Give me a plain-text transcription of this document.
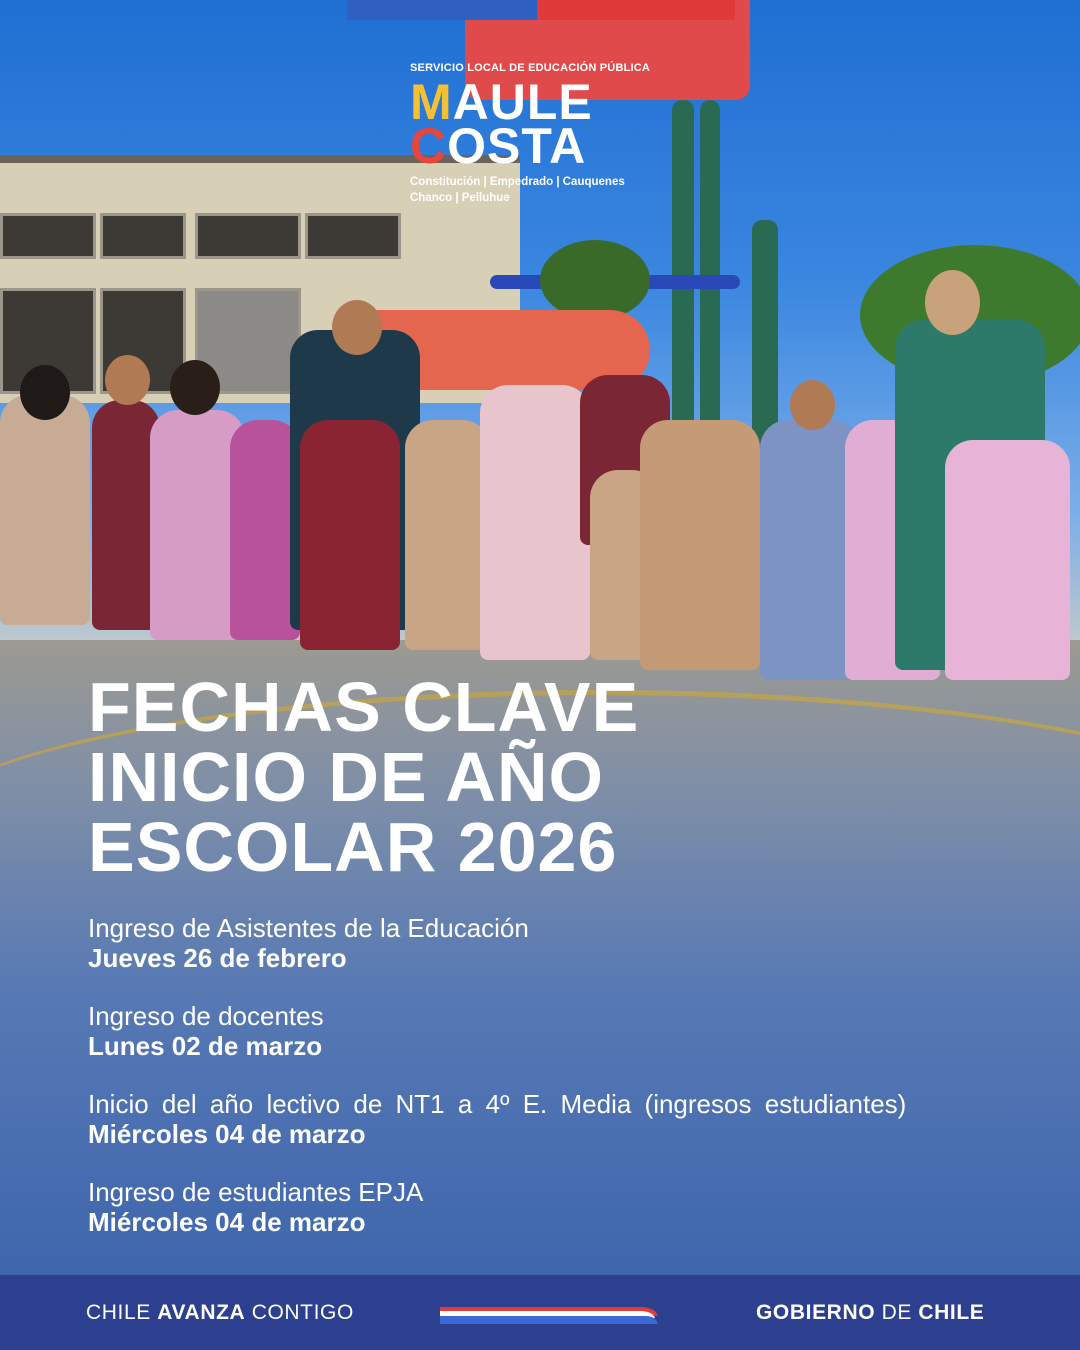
SERVICIO LOCAL DE EDUCACIÓN PÚBLICA
MAULE
COSTA
Constitución | Empedrado | Cauquenes
Chanco | Pelluhue
FECHAS CLAVE
INICIO DE AÑO
ESCOLAR 2026
Ingreso de Asistentes de la Educación
Jueves 26 de febrero
Ingreso de docentes
Lunes 02 de marzo
Inicio del año lectivo de NT1 a 4º E. Media (ingresos estudiantes)
Miércoles 04 de marzo
Ingreso de estudiantes EPJA
Miércoles 04 de marzo
CHILE AVANZA CONTIGO	GOBIERNO DE CHILE
